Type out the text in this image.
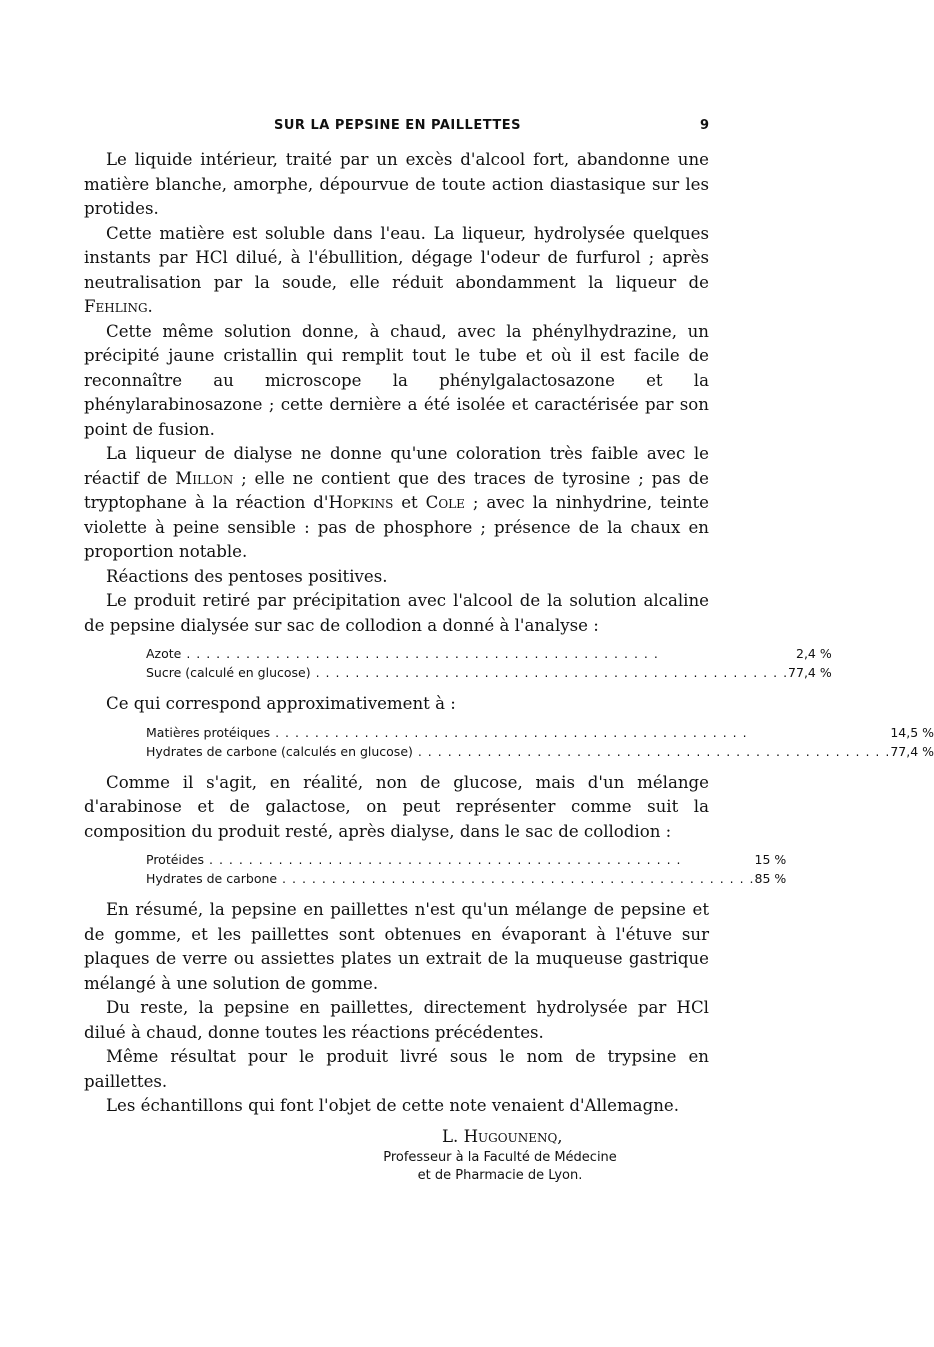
SUR LA PEPSINE EN PAILLETTES	9

Le liquide intérieur, traité par un excès d'alcool fort, abandonne une matière blanche, amorphe, dépourvue de toute action diastasique sur les protides.

Cette matière est soluble dans l'eau. La liqueur, hydrolysée quelques instants par HCl dilué, à l'ébullition, dégage l'odeur de furfurol ; après neutralisation par la soude, elle réduit abondamment la liqueur de Fehling.

Cette même solution donne, à chaud, avec la phénylhydrazine, un précipité jaune cristallin qui remplit tout le tube et où il est facile de reconnaître au microscope la phénylgalactosazone et la phénylarabinosazone ; cette dernière a été isolée et caractérisée par son point de fusion.

La liqueur de dialyse ne donne qu'une coloration très faible avec le réactif de Millon ; elle ne contient que des traces de tyrosine ; pas de tryptophane à la réaction d'Hopkins et Cole ; avec la ninhydrine, teinte violette à peine sensible : pas de phosphore ; présence de la chaux en proportion notable.

Réactions des pentoses positives.

Le produit retiré par précipitation avec l'alcool de la solution alcaline de pepsine dialysée sur sac de collodion a donné à l'analyse :

Azote . . .	2,4 %

Sucre (calculé en glucose) . . .	77,4 %

Ce qui correspond approximativement à :

Matières protéiques . . .	14,5 %

Hydrates de carbone (calculés en glucose) . . .	77,4 %

Comme il s'agit, en réalité, non de glucose, mais d'un mélange d'arabinose et de galactose, on peut représenter comme suit la composition du produit resté, après dialyse, dans le sac de collodion :

Protéides . . .	15 %

Hydrates de carbone . . .	85 %

En résumé, la pepsine en paillettes n'est qu'un mélange de pepsine et de gomme, et les paillettes sont obtenues en évaporant à l'étuve sur plaques de verre ou assiettes plates un extrait de la muqueuse gastrique mélangé à une solution de gomme.

Du reste, la pepsine en paillettes, directement hydrolysée par HCl dilué à chaud, donne toutes les réactions précédentes.

Même résultat pour le produit livré sous le nom de trypsine en paillettes.

Les échantillons qui font l'objet de cette note venaient d'Allemagne.

L. Hugounenq,
Professeur à la Faculté de Médecine
et de Pharmacie de Lyon.
